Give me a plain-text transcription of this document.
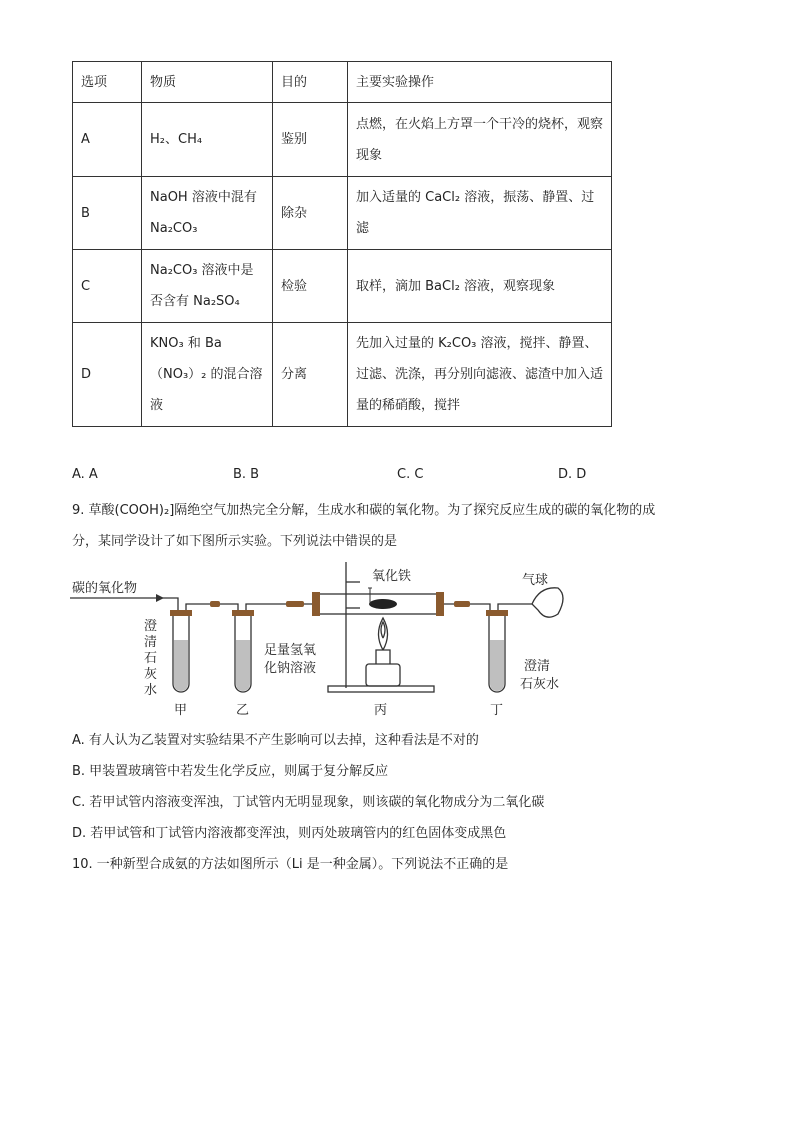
选项	物质	目的	主要实验操作
A	H₂、CH₄	鉴别	点燃，在火焰上方罩一个干冷的烧杯，观察现象
B	NaOH 溶液中混有 Na₂CO₃	除杂	加入适量的 CaCl₂ 溶液，振荡、静置、过滤
C	Na₂CO₃ 溶液中是否含有 Na₂SO₄	检验	取样，滴加 BaCl₂ 溶液，观察现象
D	KNO₃ 和 Ba（NO₃）₂ 的混合溶液	分离	先加入过量的 K₂CO₃ 溶液，搅拌、静置、过滤、洗涤，再分别向滤液、滤渣中加入适量的稀硝酸，搅拌
A. A	B. B	C. C	D. D
9. 草酸(COOH)₂]隔绝空气加热完全分解，生成水和碳的氧化物。为了探究反应生成的碳的氧化物的成
分，某同学设计了如下图所示实验。下列说法中错误的是
碳的氧化物
氧化铁	气球
澄
清
石
灰
水
足量氢氧
化钠溶液	澄清
石灰水
甲	乙	丙	丁
A. 有人认为乙装置对实验结果不产生影响可以去掉，这种看法是不对的
B. 甲装置玻璃管中若发生化学反应，则属于复分解反应
C. 若甲试管内溶液变浑浊，丁试管内无明显现象，则该碳的氧化物成分为二氧化碳
D. 若甲试管和丁试管内溶液都变浑浊，则丙处玻璃管内的红色固体变成黑色
10. 一种新型合成氨的方法如图所示（Li 是一种金属）。下列说法不正确的是
